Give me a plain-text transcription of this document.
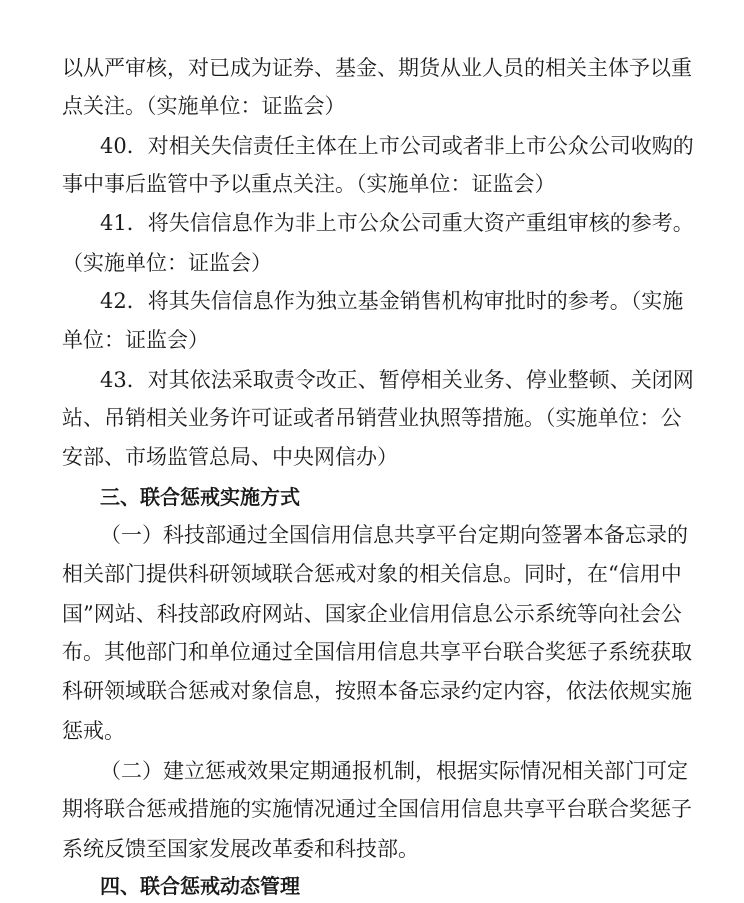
以从严审核，对已成为证券、基金、期货从业人员的相关主体予以重
点关注。（实施单位：证监会）
40．对相关失信责任主体在上市公司或者非上市公众公司收购的
事中事后监管中予以重点关注。（实施单位：证监会）
41．将失信信息作为非上市公众公司重大资产重组审核的参考。
（实施单位：证监会）
42．将其失信信息作为独立基金销售机构审批时的参考。（实施
单位：证监会）
43．对其依法采取责令改正、暂停相关业务、停业整顿、关闭网
站、吊销相关业务许可证或者吊销营业执照等措施。（实施单位：公
安部、市场监管总局、中央网信办）
三、联合惩戒实施方式
（一）科技部通过全国信用信息共享平台定期向签署本备忘录的
相关部门提供科研领域联合惩戒对象的相关信息。同时，在“信用中
国”网站、科技部政府网站、国家企业信用信息公示系统等向社会公
布。其他部门和单位通过全国信用信息共享平台联合奖惩子系统获取
科研领域联合惩戒对象信息，按照本备忘录约定内容，依法依规实施
惩戒。
（二）建立惩戒效果定期通报机制，根据实际情况相关部门可定
期将联合惩戒措施的实施情况通过全国信用信息共享平台联合奖惩子
系统反馈至国家发展改革委和科技部。
四、联合惩戒动态管理
